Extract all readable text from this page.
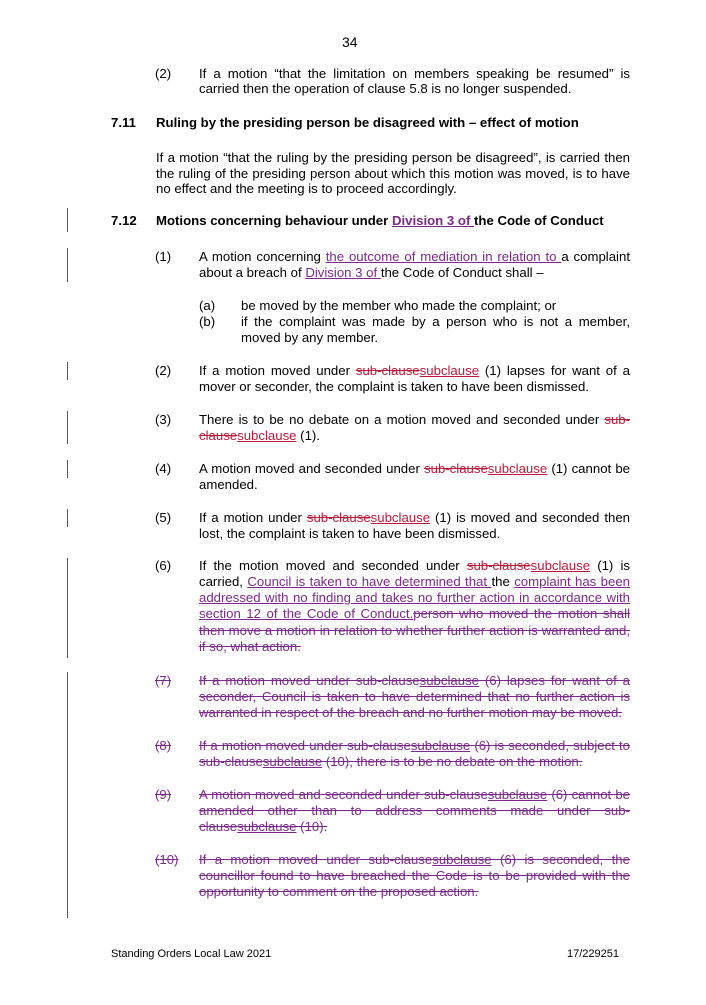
34
(2) If a motion “that the limitation on members speaking be resumed” is
carried then the operation of clause 5.8 is no longer suspended.
7.11 Ruling by the presiding person be disagreed with – effect of motion
If a motion “that the ruling by the presiding person be disagreed”, is carried then
the ruling of the presiding person about which this motion was moved, is to have
no effect and the meeting is to proceed accordingly.
7.12 Motions concerning behaviour under Division 3 of the Code of Conduct
(1) A motion concerning the outcome of mediation in relation to a complaint
about a breach of Division 3 of the Code of Conduct shall –
(a) be moved by the member who made the complaint; or
(b) if the complaint was made by a person who is not a member,
moved by any member.
(2) If a motion moved under sub-clausesubclause (1) lapses for want of a
mover or seconder, the complaint is taken to have been dismissed.
(3) There is to be no debate on a motion moved and seconded under sub-
clausesubclause (1).
(4) A motion moved and seconded under sub-clausesubclause (1) cannot be
amended.
(5) If a motion under sub-clausesubclause (1) is moved and seconded then
lost, the complaint is taken to have been dismissed.
(6) If the motion moved and seconded under sub-clausesubclause (1) is
carried, Council is taken to have determined that the complaint has been
addressed with no finding and takes no further action in accordance with
section 12 of the Code of Conduct.person who moved the motion shall
then move a motion in relation to whether further action is warranted and,
if so, what action.
(7) If a motion moved under sub-clausesubclause (6) lapses for want of a
seconder, Council is taken to have determined that no further action is
warranted in respect of the breach and no further motion may be moved.
(8) If a motion moved under sub-clausesubclause (6) is seconded, subject to
sub-clausesubclause (10), there is to be no debate on the motion.
(9) A motion moved and seconded under sub-clausesubclause (6) cannot be
amended other than to address comments made under sub-
clausesubclause (10).
(10) If a motion moved under sub-clausesubclause (6) is seconded, the
councillor found to have breached the Code is to be provided with the
opportunity to comment on the proposed action.
Standing Orders Local Law 2021	17/229251
